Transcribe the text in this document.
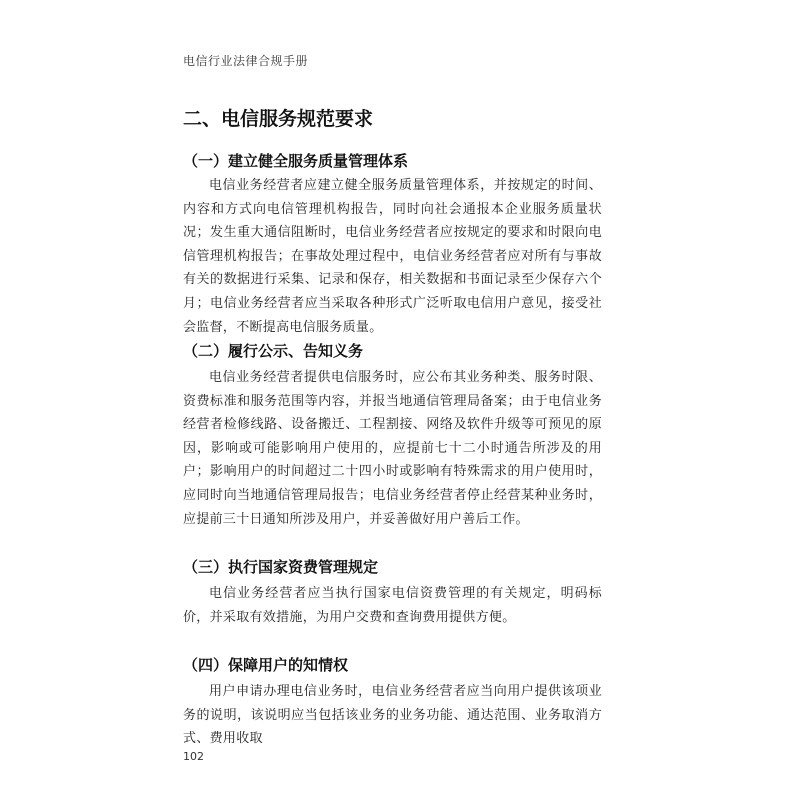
电信行业法律合规手册
二、电信服务规范要求
（一）建立健全服务质量管理体系
电信业务经营者应建立健全服务质量管理体系，并按规定的时间、内容和方式向电信管理机构报告，同时向社会通报本企业服务质量状况；发生重大通信阻断时，电信业务经营者应按规定的要求和时限向电信管理机构报告；在事故处理过程中，电信业务经营者应对所有与事故有关的数据进行采集、记录和保存，相关数据和书面记录至少保存六个月；电信业务经营者应当采取各种形式广泛听取电信用户意见，接受社会监督，不断提高电信服务质量。
（二）履行公示、告知义务
电信业务经营者提供电信服务时，应公布其业务种类、服务时限、资费标准和服务范围等内容，并报当地通信管理局备案；由于电信业务经营者检修线路、设备搬迁、工程割接、网络及软件升级等可预见的原因，影响或可能影响用户使用的，应提前七十二小时通告所涉及的用户；影响用户的时间超过二十四小时或影响有特殊需求的用户使用时，应同时向当地通信管理局报告；电信业务经营者停止经营某种业务时，应提前三十日通知所涉及用户，并妥善做好用户善后工作。
（三）执行国家资费管理规定
电信业务经营者应当执行国家电信资费管理的有关规定，明码标价，并采取有效措施，为用户交费和查询费用提供方便。
（四）保障用户的知情权
用户申请办理电信业务时，电信业务经营者应当向用户提供该项业务的说明，该说明应当包括该业务的业务功能、通达范围、业务取消方式、费用收取
102
